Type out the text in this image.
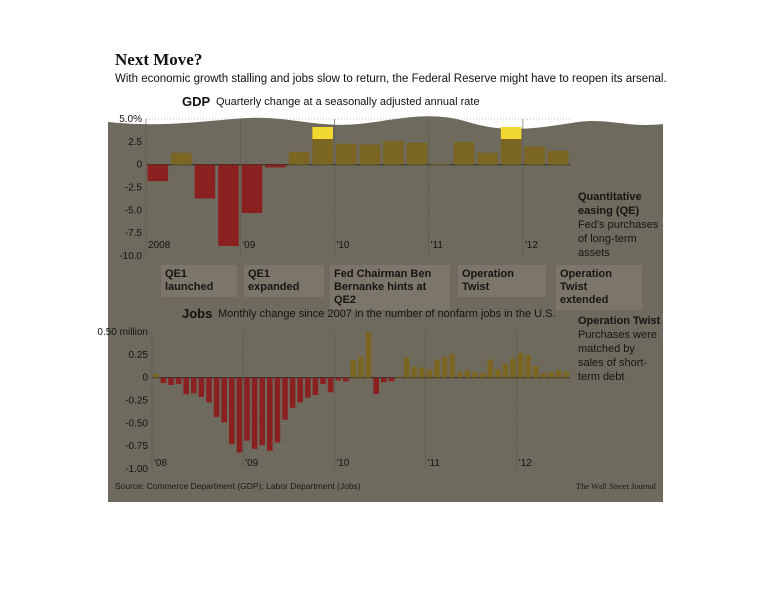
Next Move?
With economic growth stalling and jobs slow to return, the Federal Reserve might have to reopen its arsenal.
GDP Quarterly change at a seasonally adjusted annual rate
5.0%
2.5
0
-2.5
-5.0
-7.5
-10.0
2008	'09	'10	'11	'12
0.50 million
0.25
0
-0.25
-0.50
-0.75
-1.00
'08	'09	'10	'11	'12
QE1 launched
QE1 expanded
Fed Chairman Ben Bernanke hints at QE2
Operation Twist
Operation Twist extended
Quantitative easing (QE)
Fed's purchases of long-term assets
Jobs Monthly change since 2007 in the number of nonfarm jobs in the U.S.
Operation Twist
Purchases were matched by sales of short-term debt
Source: Commerce Department (GDP); Labor Department (Jobs)	The Wall Street Journal
